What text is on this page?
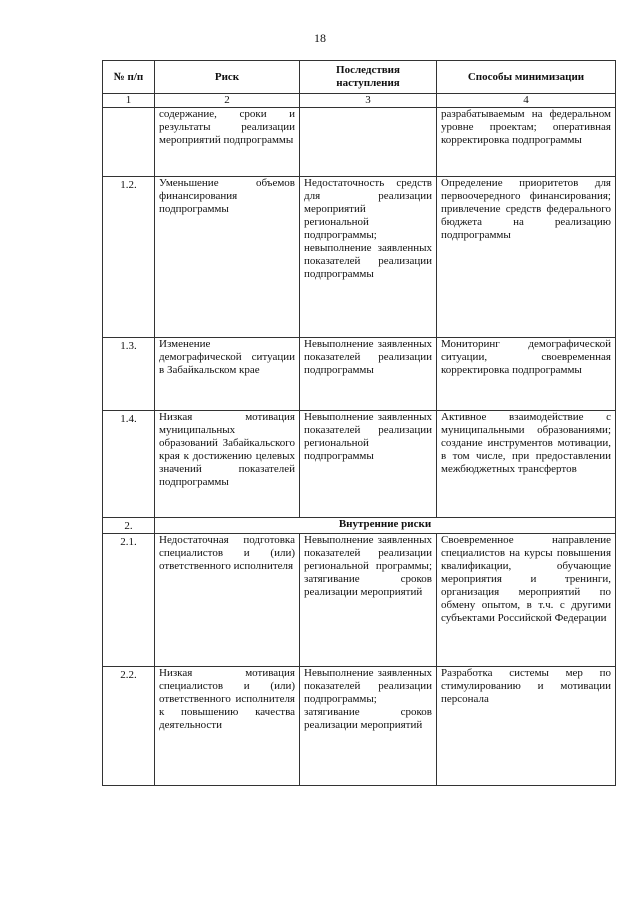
18
№ п/п	Риск	Последствия наступления	Способы минимизации
1	2	3	4
	содержание, сроки и результаты реализации мероприятий подпрограммы		разрабатываемым на федеральном уровне проектам; оперативная корректировка подпрограммы
1.2.	Уменьшение объемов финансирования подпрограммы	Недостаточность средств для реализации мероприятий региональной подпрограммы; невыполнение заявленных показателей реализации подпрограммы	Определение приоритетов для первоочередного финансирования; привлечение средств федерального бюджета на реализацию подпрограммы
1.3.	Изменение демографической ситуации в Забайкальском крае	Невыполнение заявленных показателей реализации подпрограммы	Мониторинг демографической ситуации, своевременная корректировка подпрограммы
1.4.	Низкая мотивация муниципальных образований Забайкальского края к достижению целевых значений показателей подпрограммы	Невыполнение заявленных показателей реализации региональной подпрограммы	Активное взаимодействие с муниципальными образованиями; создание инструментов мотивации, в том числе, при предоставлении межбюджетных трансфертов
2.	Внутренние риски		
2.1.	Недостаточная подготовка специалистов и (или) ответственного исполнителя	Невыполнение заявленных показателей реализации региональной программы; затягивание сроков реализации мероприятий	Своевременное направление специалистов на курсы повышения квалификации, обучающие мероприятия и тренинги, организация мероприятий по обмену опытом, в т.ч. с другими субъектами Российской Федерации
2.2.	Низкая мотивация специалистов и (или) ответственного исполнителя к повышению качества деятельности	Невыполнение заявленных показателей реализации подпрограммы; затягивание сроков реализации мероприятий	Разработка системы мер по стимулированию и мотивации персонала
